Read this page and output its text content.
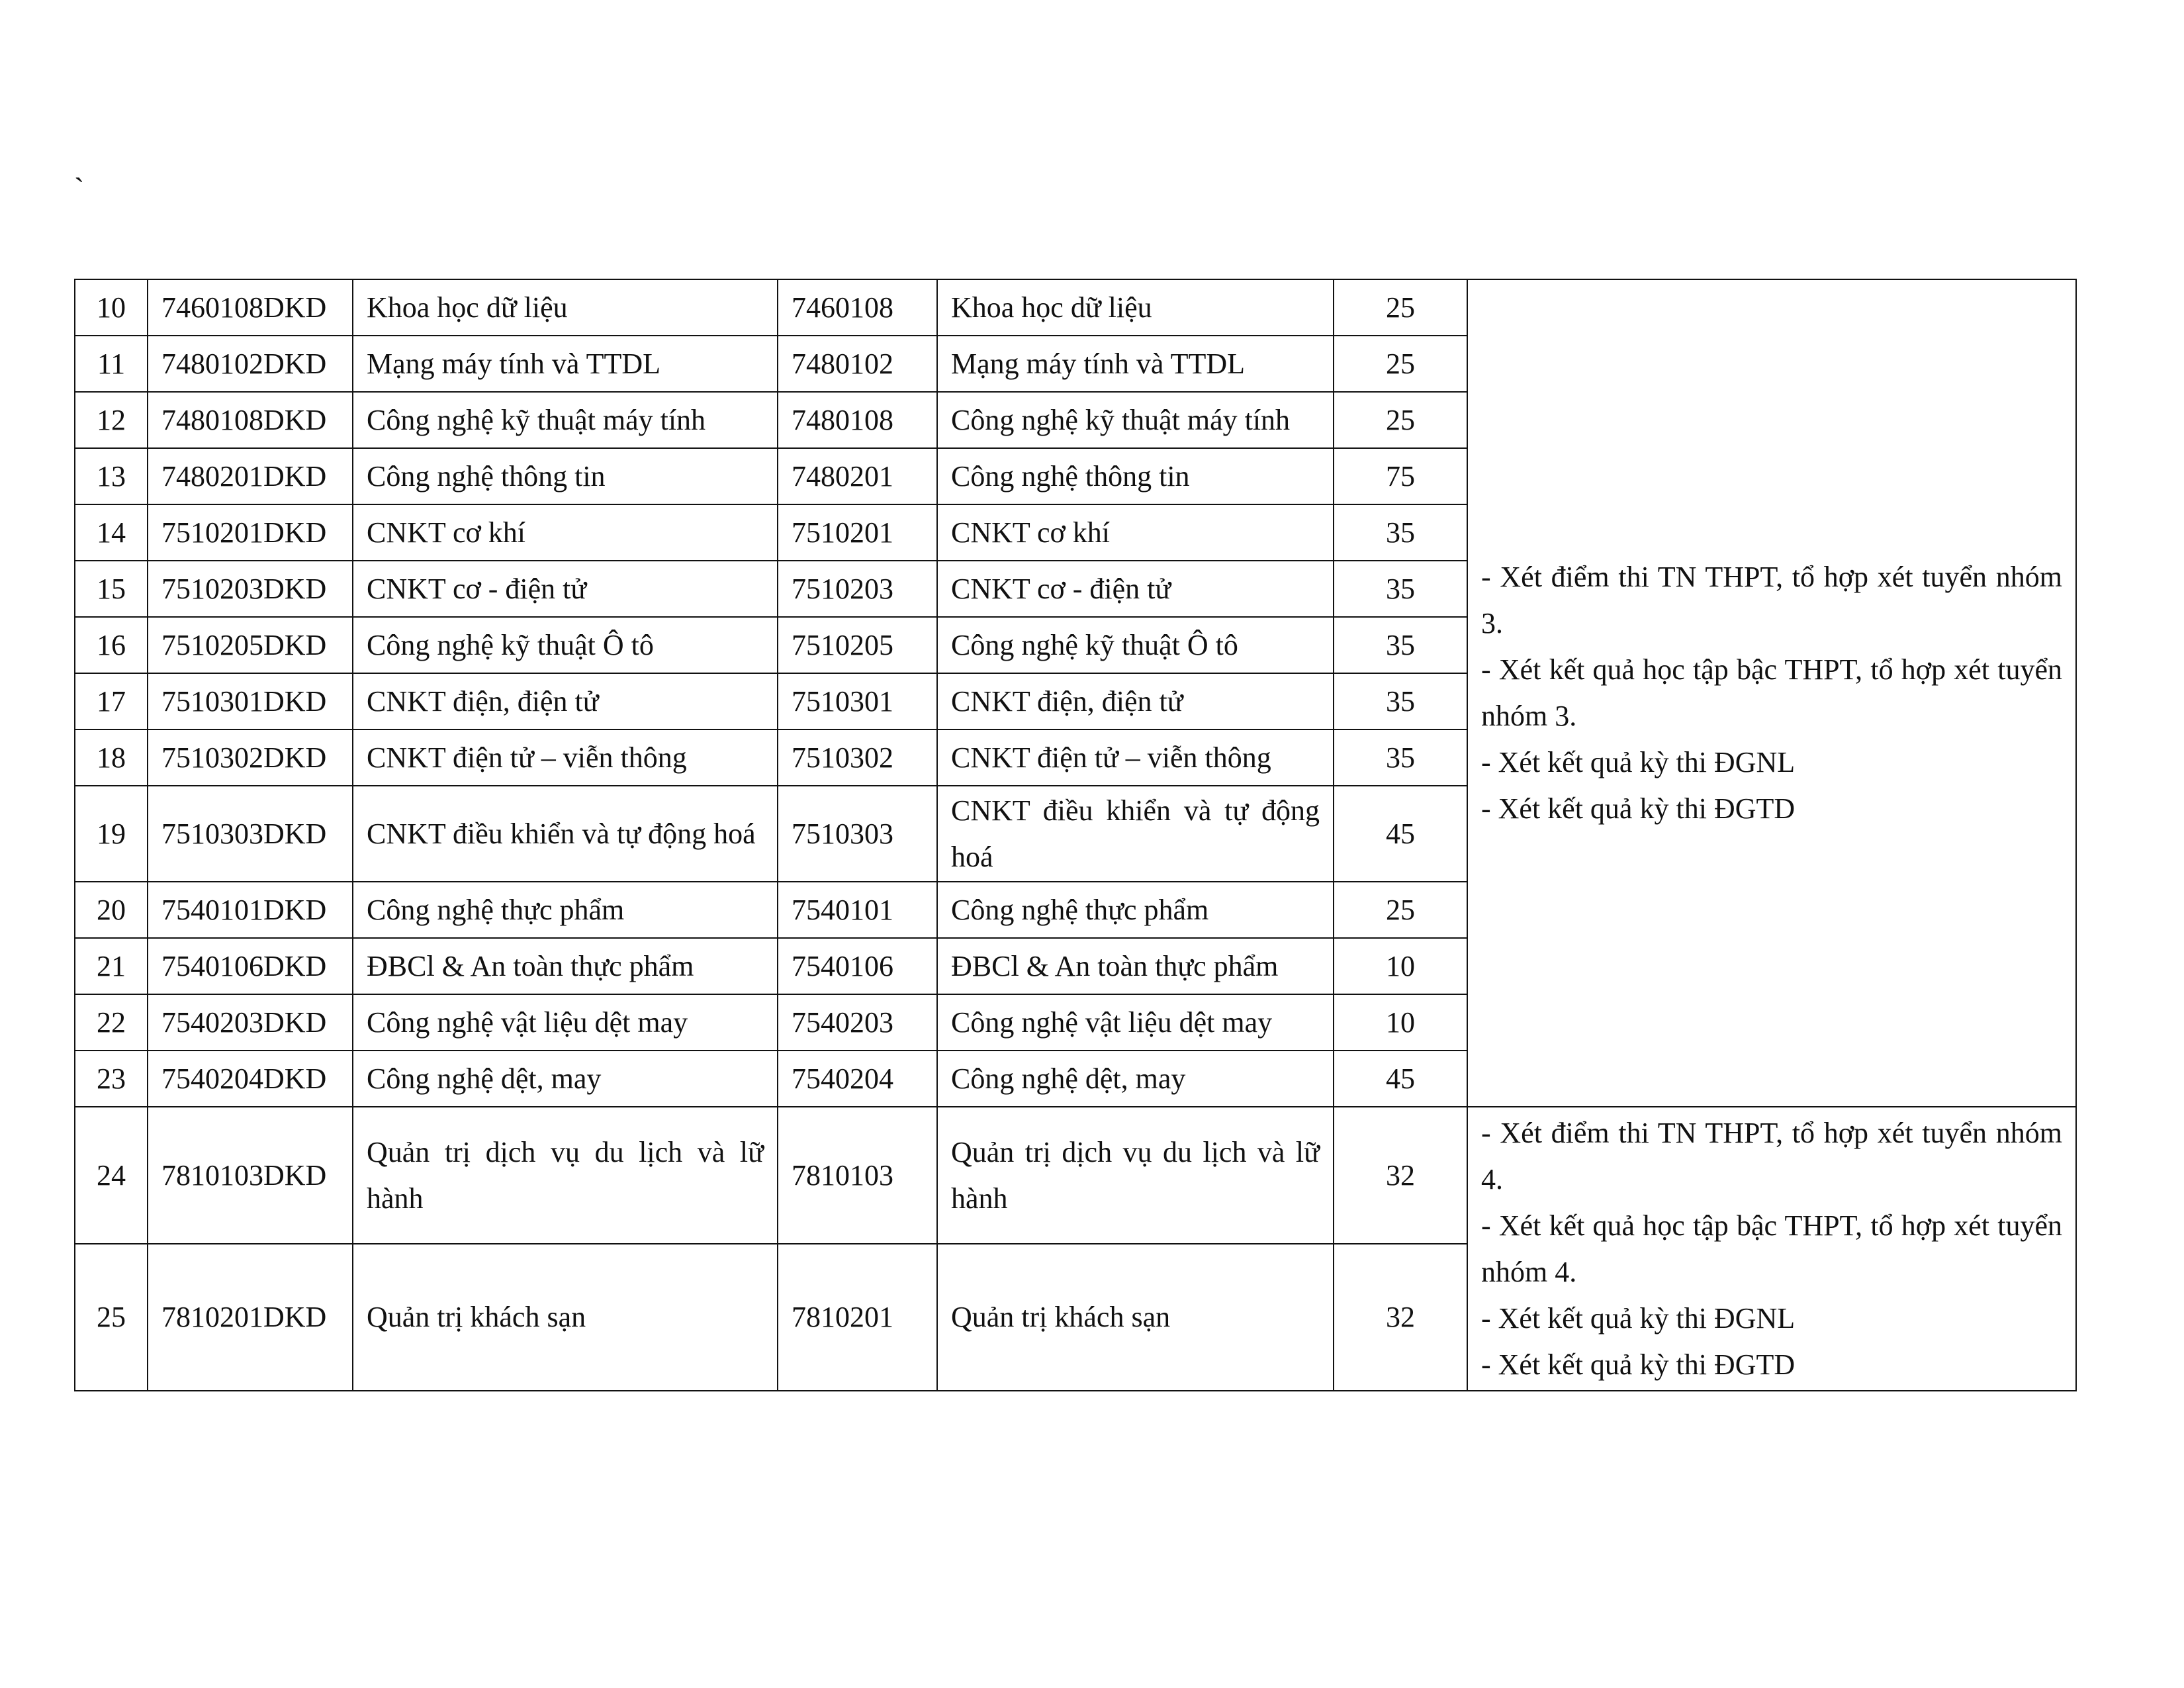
`
10	7460108DKD	Khoa học dữ liệu	7460108	Khoa học dữ liệu	25	- Xét điểm thi TN THPT, tổ hợp xét tuyển nhóm 3.
- Xét kết quả học tập bậc THPT, tổ hợp xét tuyển nhóm 3.
- Xét kết quả kỳ thi ĐGNL
- Xét kết quả kỳ thi ĐGTD

11	7480102DKD	Mạng máy tính và TTDL	7480102	Mạng máy tính và TTDL	25	
12	7480108DKD	Công nghệ kỹ thuật máy tính	7480108	Công nghệ kỹ thuật máy tính	25	
13	7480201DKD	Công nghệ thông tin	7480201	Công nghệ thông tin	75	
14	7510201DKD	CNKT cơ khí	7510201	CNKT cơ khí	35	
15	7510203DKD	CNKT cơ - điện tử	7510203	CNKT cơ - điện tử	35	
16	7510205DKD	Công nghệ kỹ thuật Ô tô	7510205	Công nghệ kỹ thuật Ô tô	35	
17	7510301DKD	CNKT điện, điện tử	7510301	CNKT điện, điện tử	35	
18	7510302DKD	CNKT điện tử – viễn thông	7510302	CNKT điện tử – viễn thông	35	
19	7510303DKD	CNKT điều khiển và tự động hoá	7510303	CNKT điều khiển và tự động hoá	45	
20	7540101DKD	Công nghệ thực phẩm	7540101	Công nghệ thực phẩm	25	
21	7540106DKD	ĐBCl & An toàn thực phẩm	7540106	ĐBCl & An toàn thực phẩm	10	
22	7540203DKD	Công nghệ vật liệu dệt may	7540203	Công nghệ vật liệu dệt may	10	
23	7540204DKD	Công nghệ dệt, may	7540204	Công nghệ dệt, may	45	
24	7810103DKD	Quản trị dịch vụ du lịch và lữ hành	7810103	Quản trị dịch vụ du lịch và lữ hành	32	- Xét điểm thi TN THPT, tổ hợp xét tuyển nhóm 4.
- Xét kết quả học tập bậc THPT, tổ hợp xét tuyển nhóm 4.
- Xét kết quả kỳ thi ĐGNL
- Xét kết quả kỳ thi ĐGTD

25	7810201DKD	Quản trị khách sạn	7810201	Quản trị khách sạn	32	
